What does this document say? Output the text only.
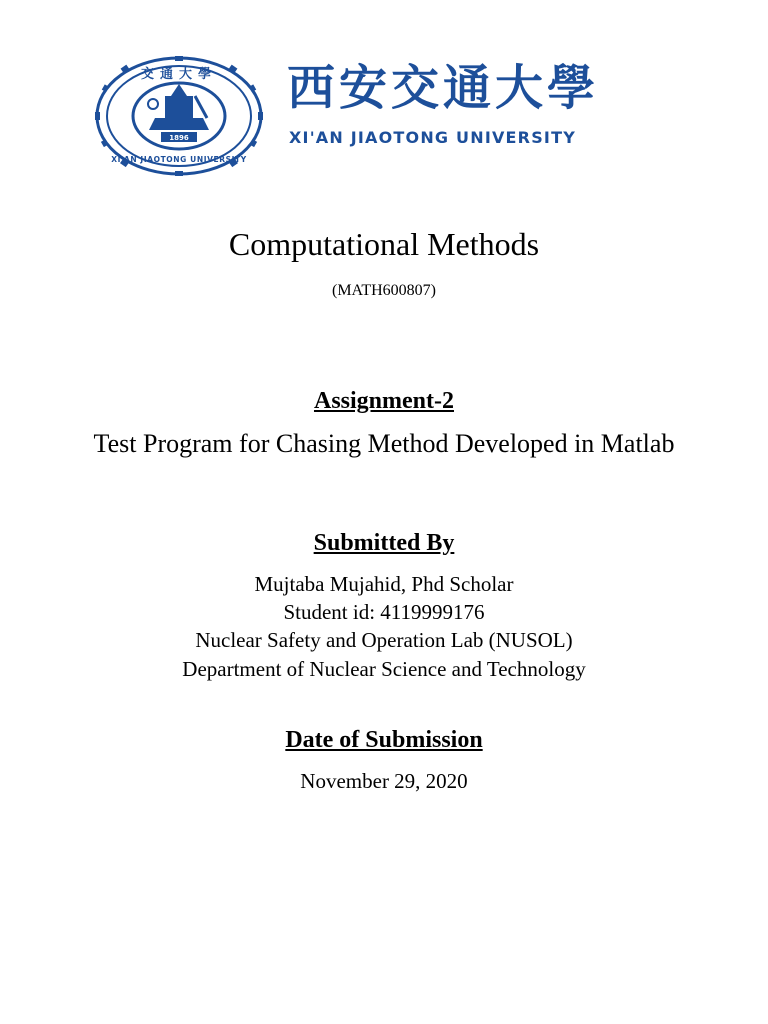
交通大學
1896
XI'AN JIAOTONG UNIVERSITY
西安交通大學
XI'AN JIAOTONG UNIVERSITY
Computational Methods
(MATH600807)
Assignment-2
Test Program for Chasing Method Developed in Matlab
Submitted By
Mujtaba Mujahid, Phd Scholar
Student id: 4119999176
Nuclear Safety and Operation Lab (NUSOL)
Department of Nuclear Science and Technology
Date of Submission
November 29, 2020
